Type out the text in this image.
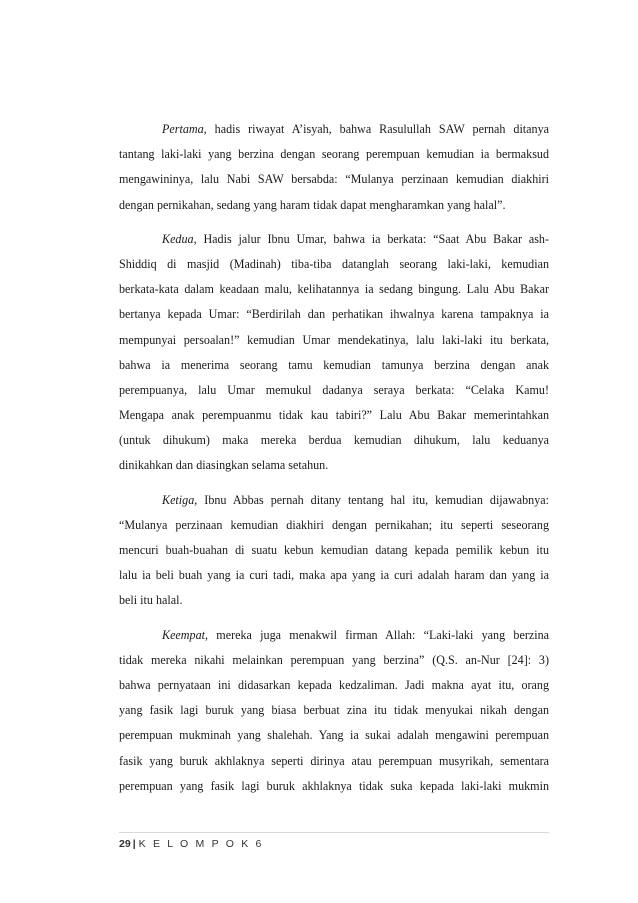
Pertama, hadis riwayat A’isyah, bahwa Rasulullah SAW pernah ditanya
tantang laki-laki yang berzina dengan seorang perempuan kemudian ia bermaksud
mengawininya, lalu Nabi SAW bersabda: “Mulanya perzinaan kemudian diakhiri
dengan pernikahan, sedang yang haram tidak dapat mengharamkan yang halal”.

Kedua, Hadis jalur Ibnu Umar, bahwa ia berkata: “Saat Abu Bakar ash-
Shiddiq di masjid (Madinah) tiba-tiba datanglah seorang laki-laki, kemudian
berkata-kata dalam keadaan malu, kelihatannya ia sedang bingung. Lalu Abu Bakar
bertanya kepada Umar: “Berdirilah dan perhatikan ihwalnya karena tampaknya ia
mempunyai persoalan!” kemudian Umar mendekatinya, lalu laki-laki itu berkata,
bahwa ia menerima seorang tamu kemudian tamunya berzina dengan anak
perempuanya, lalu Umar memukul dadanya seraya berkata: “Celaka Kamu!
Mengapa anak perempuanmu tidak kau tabiri?” Lalu Abu Bakar memerintahkan
(untuk dihukum) maka mereka berdua kemudian dihukum, lalu keduanya
dinikahkan dan diasingkan selama setahun.

Ketiga, Ibnu Abbas pernah ditany tentang hal itu, kemudian dijawabnya:
“Mulanya perzinaan kemudian diakhiri dengan pernikahan; itu seperti seseorang
mencuri buah-buahan di suatu kebun kemudian datang kepada pemilik kebun itu
lalu ia beli buah yang ia curi tadi, maka apa yang ia curi adalah haram dan yang ia
beli itu halal.

Keempat, mereka juga menakwil firman Allah: “Laki-laki yang berzina
tidak mereka nikahi melainkan perempuan yang berzina” (Q.S. an-Nur [24]: 3)
bahwa pernyataan ini didasarkan kepada kedzaliman. Jadi makna ayat itu, orang
yang fasik lagi buruk yang biasa berbuat zina itu tidak menyukai nikah dengan
perempuan mukminah yang shalehah. Yang ia sukai adalah mengawini perempuan
fasik yang buruk akhlaknya seperti dirinya atau perempuan musyrikah, sementara
perempuan yang fasik lagi buruk akhlaknya tidak suka kepada laki-laki mukmin

29 | K E L O M P O K 6
